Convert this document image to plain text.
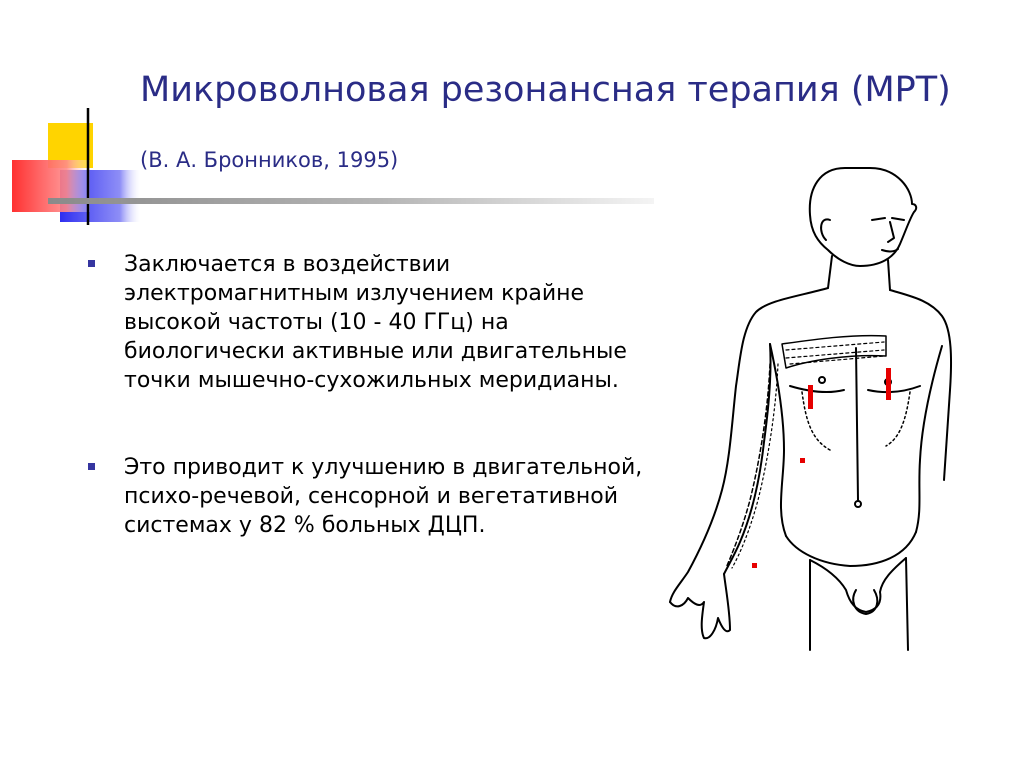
Микроволновая резонансная терапия (МРТ)

(В. А. Бронников, 1995)

Заключается в воздействии электромагнитным излучением крайне высокой частоты (10 - 40 ГГц) на биологически активные или двигательные точки мышечно-сухожильных меридианы.
Это приводит к улучшению в двигательной, психо-речевой, сенсорной и вегетативной системах у 82 % больных ДЦП.
